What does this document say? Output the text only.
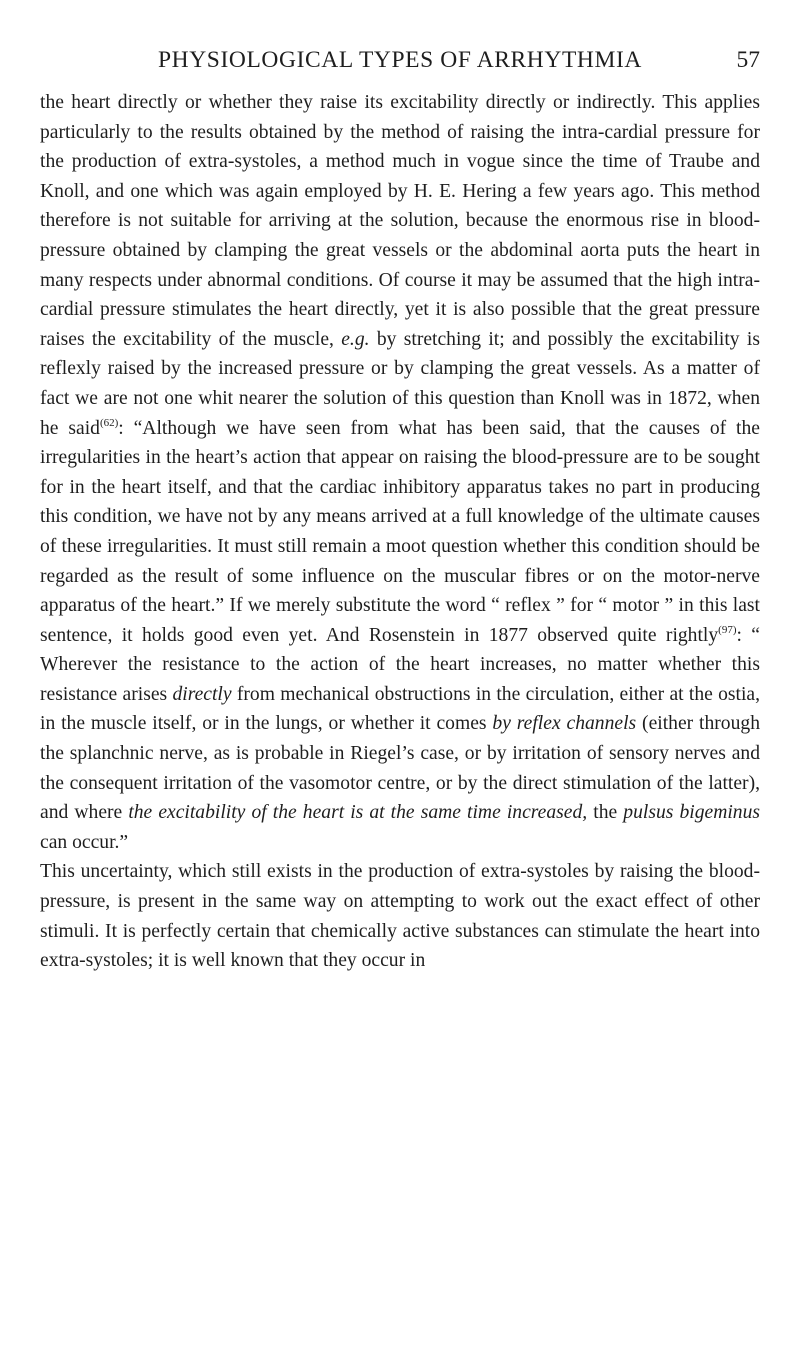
PHYSIOLOGICAL TYPES OF ARRHYTHMIA	57

the heart directly or whether they raise its excitability directly or indirectly. This applies particularly to the results obtained by the method of raising the intra-cardial pressure for the production of extra-systoles, a method much in vogue since the time of Traube and Knoll, and one which was again employed by H. E. Hering a few years ago. This method therefore is not suitable for arriving at the solution, because the enormous rise in blood-pressure obtained by clamping the great vessels or the abdominal aorta puts the heart in many respects under abnormal conditions. Of course it may be assumed that the high intra-cardial pressure stimulates the heart directly, yet it is also possible that the great pressure raises the excitability of the muscle, e.g. by stretching it; and possibly the excitability is reflexly raised by the increased pressure or by clamping the great vessels. As a matter of fact we are not one whit nearer the solution of this question than Knoll was in 1872, when he said$^{(62)}$: “Although we have seen from what has been said, that the causes of the irregularities in the heart’s action that appear on raising the blood-pressure are to be sought for in the heart itself, and that the cardiac inhibitory apparatus takes no part in producing this condition, we have not by any means arrived at a full knowledge of the ultimate causes of these irregularities. It must still remain a moot question whether this condition should be regarded as the result of some influence on the muscular fibres or on the motor-nerve apparatus of the heart.” If we merely substitute the word “ reflex ” for “ motor ” in this last sentence, it holds good even yet. And Rosenstein in 1877 observed quite rightly$^{(97)}$: “ Wherever the resistance to the action of the heart increases, no matter whether this resistance arises directly from mechanical obstructions in the circulation, either at the ostia, in the muscle itself, or in the lungs, or whether it comes by reflex channels (either through the splanchnic nerve, as is probable in Riegel’s case, or by irritation of sensory nerves and the consequent irritation of the vasomotor centre, or by the direct stimulation of the latter), and where the excitability of the heart is at the same time increased, the pulsus bigeminus can occur.”

This uncertainty, which still exists in the production of extra-systoles by raising the blood-pressure, is present in the same way on attempting to work out the exact effect of other stimuli. It is perfectly certain that chemically active substances can stimulate the heart into extra-systoles; it is well known that they occur in
